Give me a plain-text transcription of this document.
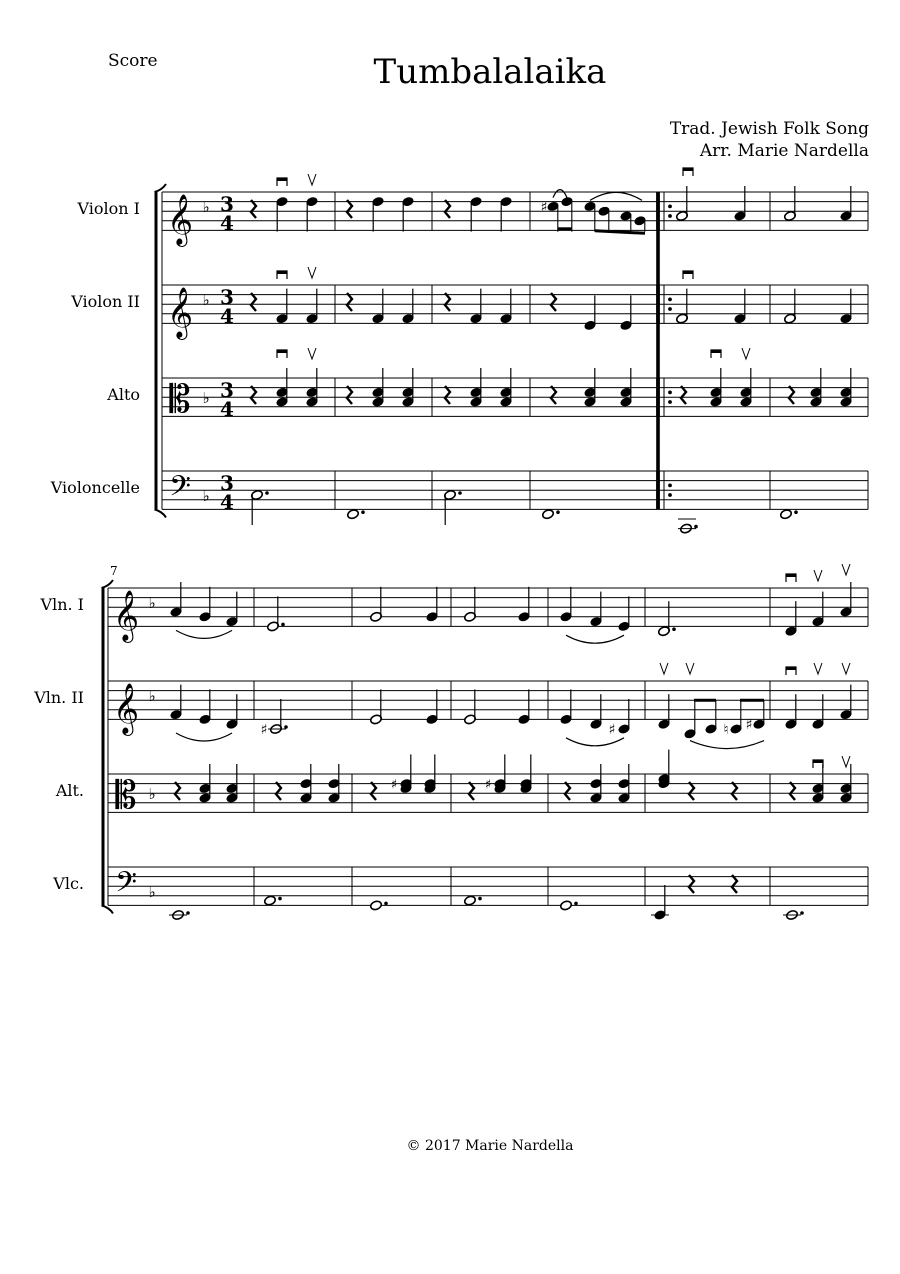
Score	Tumbalalaika
Trad. Jewish Folk Song
Arr. Marie Nardella
© 2017 Marie Nardella
𝄞 ♭ 3
4
Violon I
𝄞 ♭ 3
4
Violon II
𝄡 ♭ 3
4
Alto
𝄢 ♭
3
4
Violoncelle
♯
7
𝄞 ♭
Vln. I
𝄞 ♭
Vln. II
𝄡 ♭
Alt.
𝄢 ♭
Vlc.
♯	♯	♮ ♯
♯	♯
